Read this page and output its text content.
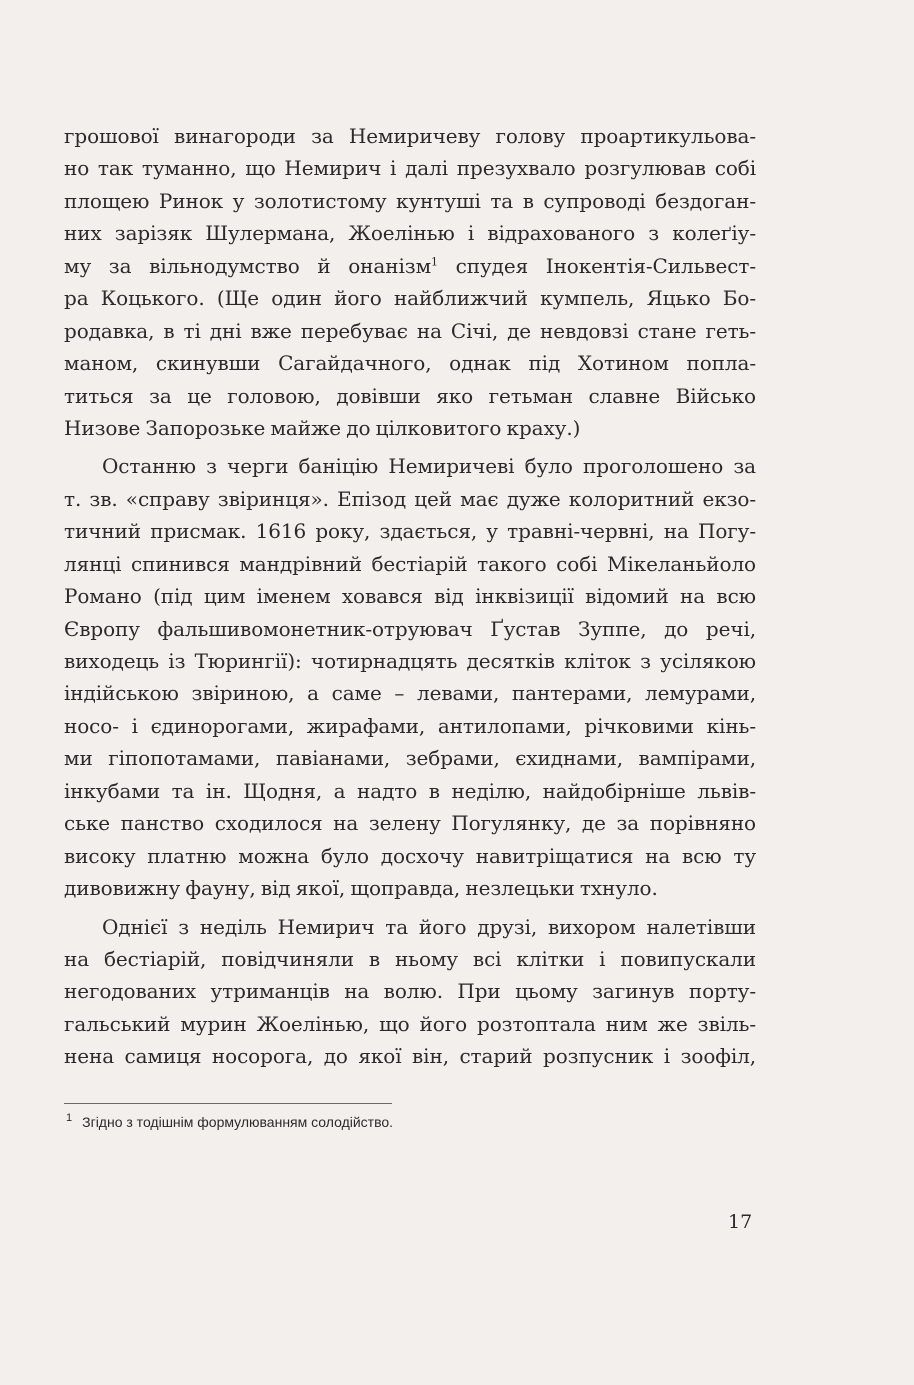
грошової винагороди за Немиричеву голову проартикульова-
но так туманно, що Немирич і далі презухвало розгулював собі
площею Ринок у золотистому кунтуші та в супроводі бездоган-
них зарізяк Шулермана, Жоелінью і відрахованого з колеґіу-
му за вільнодумство й онанізм$^1$ спудея Інокентія-Сильвест-
ра Коцького. (Ще один його найближчий кумпель, Яцько Бо-
родавка, в ті дні вже перебуває на Січі, де невдовзі стане геть-
маном, скинувши Сагайдачного, однак під Хотином попла-
титься за це головою, довівши яко гетьман славне Військо
Низове Запорозьке майже до цілковитого краху.)
Останню з черги баніцію Немиричеві було проголошено за
т. зв. «справу звіринця». Епізод цей має дуже колоритний екзо-
тичний присмак. 1616 року, здається, у травні-червні, на Погу-
лянці спинився мандрівний бестіарій такого собі Мікеланьйоло
Романо (під цим іменем ховався від інквізиції відомий на всю
Європу фальшивомонетник-отруювач Ґустав Зуппе, до речі,
виходець із Тюрингії): чотирнадцять десятків кліток з усілякою
індійською звіриною, а саме – левами, пантерами, лемурами,
носо- і єдинорогами, жирафами, антилопами, річковими кінь-
ми гіпопотамами, павіанами, зебрами, єхиднами, вампірами,
інкубами та ін. Щодня, а надто в неділю, найдобірніше львів-
ське панство сходилося на зелену Погулянку, де за порівняно
високу платню можна було досхочу навитріщатися на всю ту
дивовижну фауну, від якої, щоправда, незлецьки тхнуло.
Однієї з неділь Немирич та його друзі, вихором налетівши
на бестіарій, повідчиняли в ньому всі клітки і повипускали
негодованих утриманців на волю. При цьому загинув порту-
гальський мурин Жоелінью, що його розтоптала ним же звіль-
нена самиця носорога, до якої він, старий розпусник і зоофіл,
$^1$ Згідно з тодішнім формулюванням солодійство.
17
